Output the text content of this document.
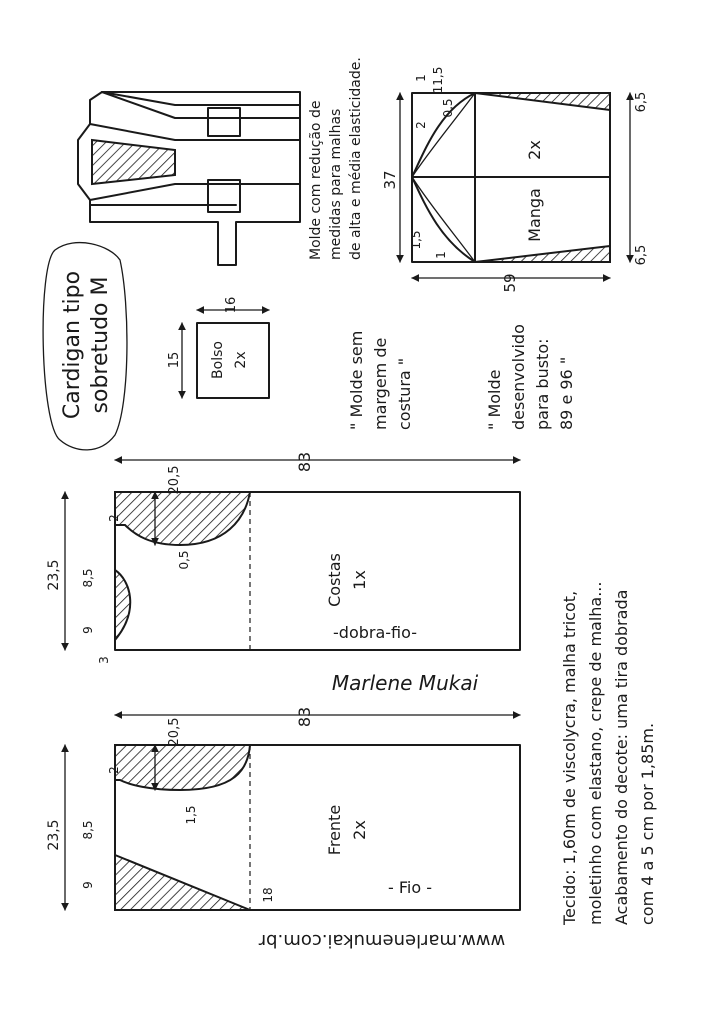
Cardigan tipo sobretudo M
Molde com redução de medidas para malhas de alta e média elasticidade.	2x
Manga
6,5
6,5
59
37
11,5
1
2
0,5
1,5
1
Bolso 2x
16
15	" Molde sem margem de costura "	" Molde desenvolvido para busto: 89 e 96 "
83
23,5
20,5
0,5
2
8,5
9
3
Costas 1x
-dobra-fio-
Marlene Mukai
83
23,5
20,5
1,5
2
8,5
9
18
Frente 2x
- Fio -	Tecido: 1,60m de viscolycra, malha tricot, moletinho com elastano, crepe de malha... Acabamento do decote: uma tira dobrada com 4 a 5 cm por 1,85m.
www.marlenemukai.com.br
